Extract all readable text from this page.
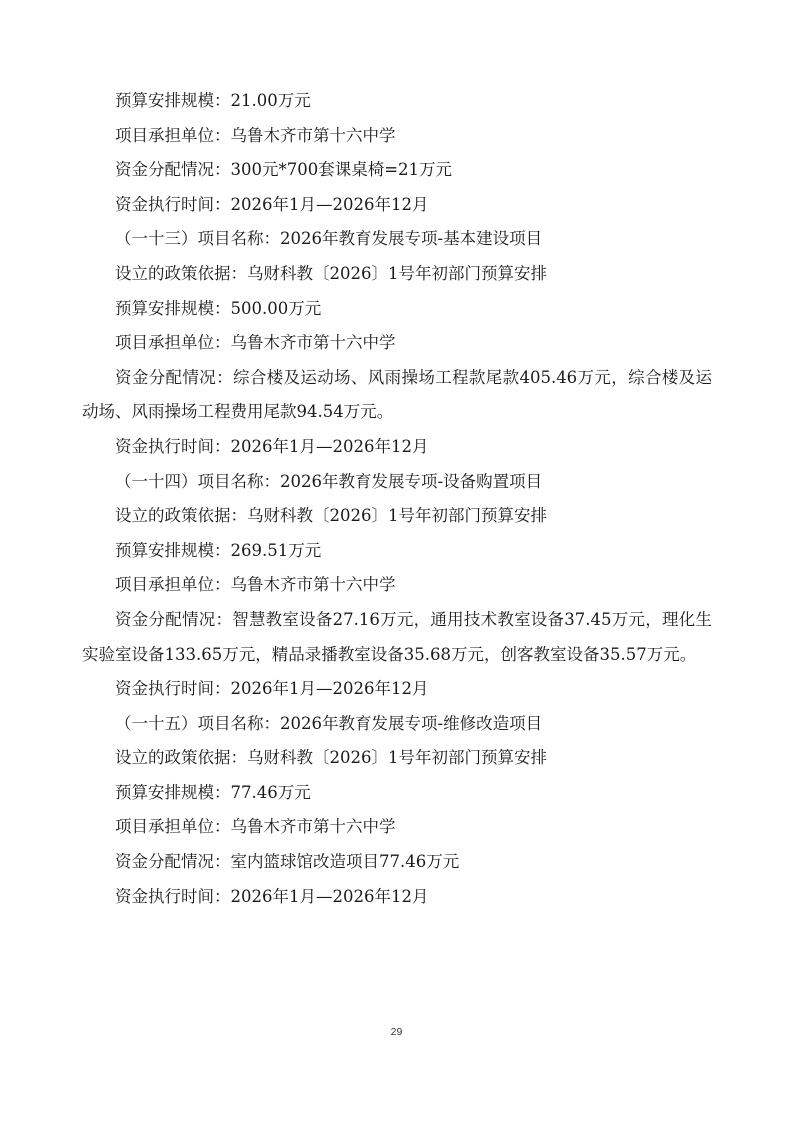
预算安排规模：21.00万元

项目承担单位：乌鲁木齐市第十六中学

资金分配情况：300元*700套课桌椅=21万元

资金执行时间：2026年1月—2026年12月

（一十三）项目名称：2026年教育发展专项-基本建设项目

设立的政策依据：乌财科教〔2026〕1号年初部门预算安排

预算安排规模：500.00万元

项目承担单位：乌鲁木齐市第十六中学

资金分配情况：综合楼及运动场、风雨操场工程款尾款405.46万元，综合楼及运动场、风雨操场工程费用尾款94.54万元。

资金执行时间：2026年1月—2026年12月

（一十四）项目名称：2026年教育发展专项-设备购置项目

设立的政策依据：乌财科教〔2026〕1号年初部门预算安排

预算安排规模：269.51万元

项目承担单位：乌鲁木齐市第十六中学

资金分配情况：智慧教室设备27.16万元，通用技术教室设备37.45万元，理化生实验室设备133.65万元，精品录播教室设备35.68万元，创客教室设备35.57万元。

资金执行时间：2026年1月—2026年12月

（一十五）项目名称：2026年教育发展专项-维修改造项目

设立的政策依据：乌财科教〔2026〕1号年初部门预算安排

预算安排规模：77.46万元

项目承担单位：乌鲁木齐市第十六中学

资金分配情况：室内篮球馆改造项目77.46万元

资金执行时间：2026年1月—2026年12月

29
